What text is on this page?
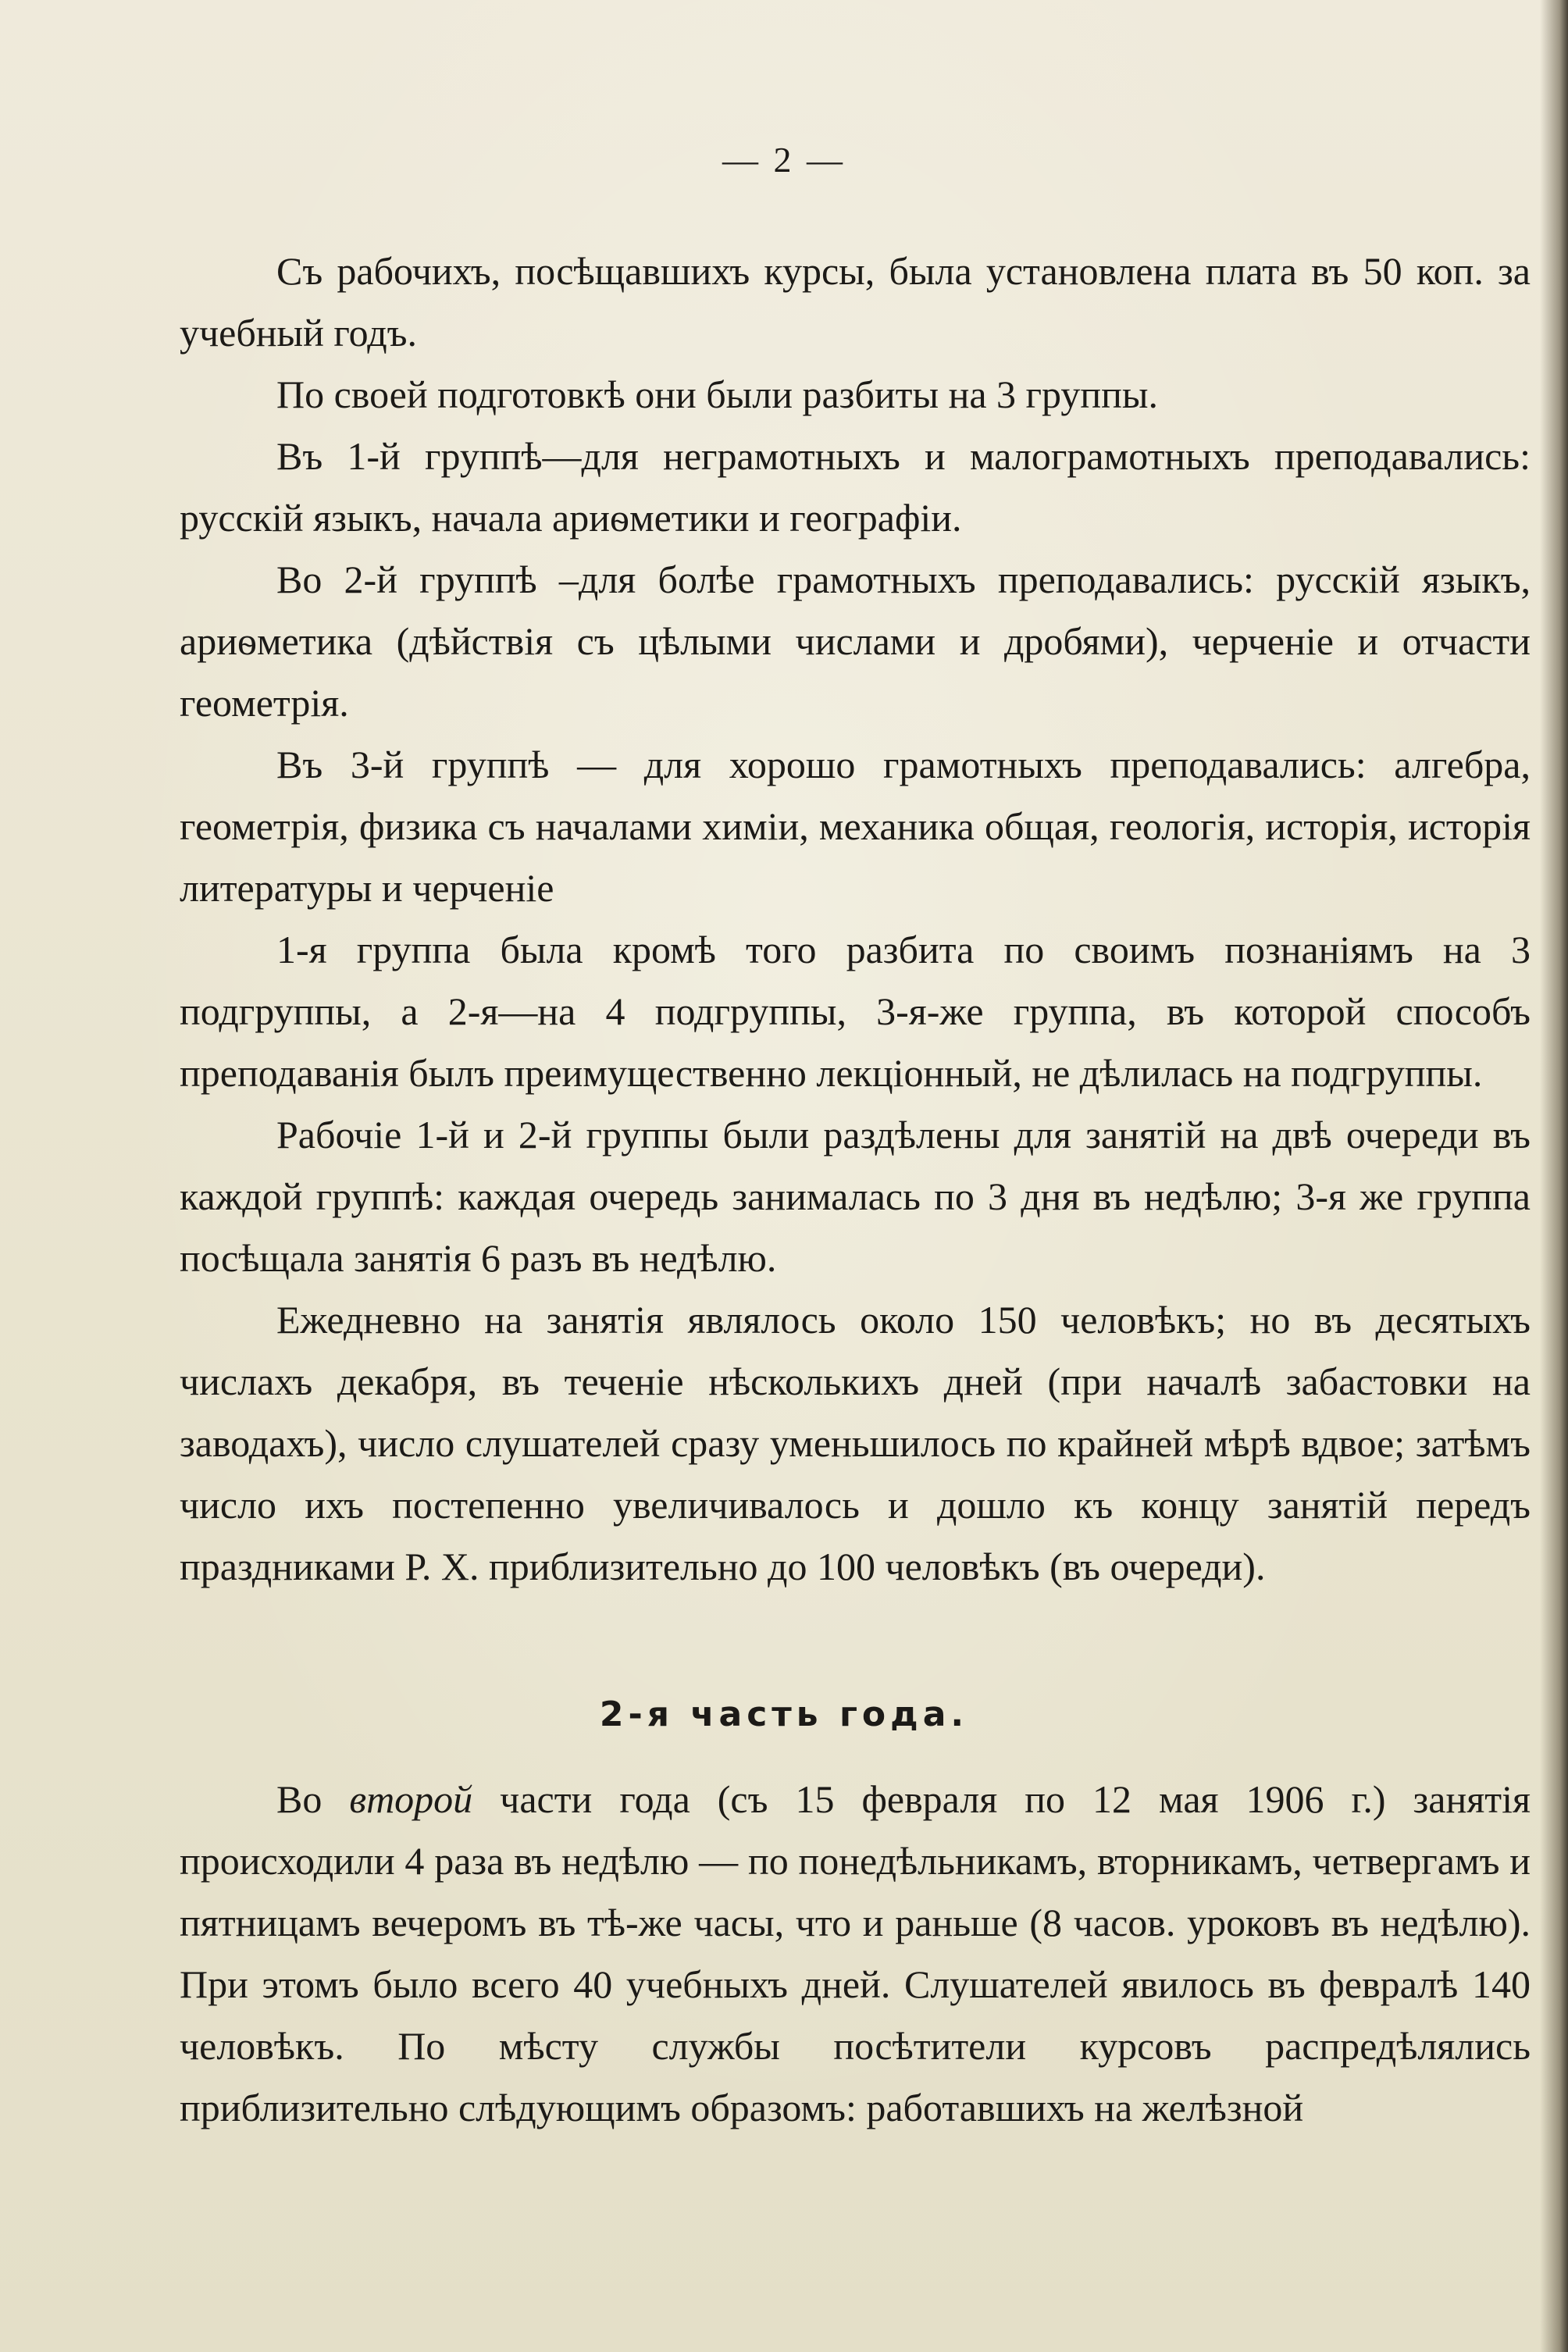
— 2 —

Съ рабочихъ, посѣщавшихъ курсы, была установлена плата въ 50 коп. за учебный годъ.

По своей подготовкѣ они были разбиты на 3 группы.

Въ 1-й группѣ—для неграмотныхъ и малограмотныхъ преподавались: русскій языкъ, начала ариѳметики и географіи.

Во 2-й группѣ –для болѣе грамотныхъ преподавались: русскій языкъ, ариѳметика (дѣйствія съ цѣлыми числами и дробями), черченіе и отчасти геометрія.

Въ 3-й группѣ — для хорошо грамотныхъ преподавались: алгебра, геометрія, физика съ началами химіи, механика общая, геологія, исторія, исторія литературы и черченіе

1-я группа была кромѣ того разбита по своимъ познаніямъ на 3 подгруппы, а 2-я—на 4 подгруппы, 3-я-же группа, въ которой способъ преподаванія былъ преимущественно лекціонный, не дѣлилась на подгруппы.

Рабочіе 1-й и 2-й группы были раздѣлены для занятій на двѣ очереди въ каждой группѣ: каждая очередь занималась по 3 дня въ недѣлю; 3-я же группа посѣщала занятія 6 разъ въ недѣлю.

Ежедневно на занятія являлось около 150 человѣкъ; но въ десятыхъ числахъ декабря, въ теченіе нѣсколькихъ дней (при началѣ забастовки на заводахъ), число слушателей сразу уменьшилось по крайней мѣрѣ вдвое; затѣмъ число ихъ постепенно увеличивалось и дошло къ концу занятій передъ праздниками Р. Х. приблизительно до 100 человѣкъ (въ очереди).

2-я часть года.

Во второй части года (съ 15 февраля по 12 мая 1906 г.) занятія происходили 4 раза въ недѣлю — по понедѣльникамъ, вторникамъ, четвергамъ и пятницамъ вечеромъ въ тѣ-же часы, что и раньше (8 часов. уроковъ въ недѣлю). При этомъ было всего 40 учебныхъ дней. Слушателей явилось въ февралѣ 140 человѣкъ. По мѣсту службы посѣтители курсовъ распредѣлялись приблизительно слѣдующимъ образомъ: работавшихъ на желѣзной
